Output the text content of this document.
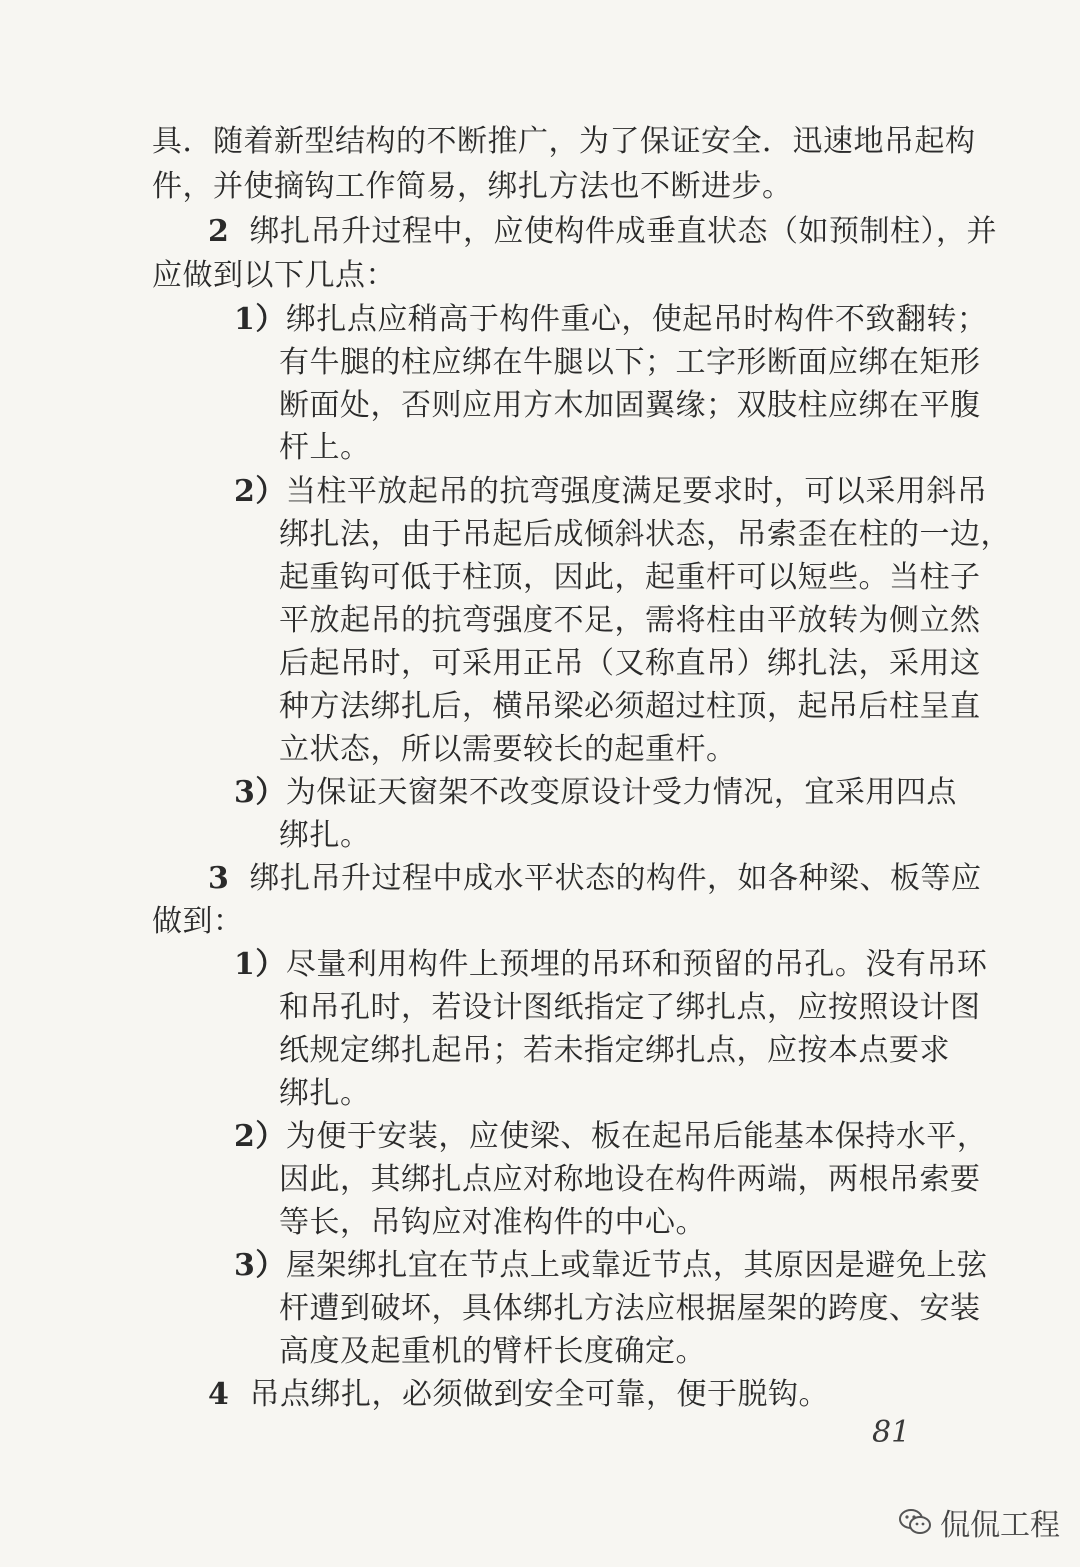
具．随着新型结构的不断推广，为了保证安全．迅速地吊起构
件，并使摘钩工作简易，绑扎方法也不断进步。
2 绑扎吊升过程中，应使构件成垂直状态（如预制柱），并
应做到以下几点：
1）绑扎点应稍高于构件重心，使起吊时构件不致翻转；
有牛腿的柱应绑在牛腿以下；工字形断面应绑在矩形
断面处，否则应用方木加固翼缘；双肢柱应绑在平腹
杆上。
2）当柱平放起吊的抗弯强度满足要求时，可以采用斜吊
绑扎法，由于吊起后成倾斜状态，吊索歪在柱的一边，
起重钩可低于柱顶，因此，起重杆可以短些。当柱子
平放起吊的抗弯强度不足，需将柱由平放转为侧立然
后起吊时，可采用正吊（又称直吊）绑扎法，采用这
种方法绑扎后，横吊梁必须超过柱顶，起吊后柱呈直
立状态，所以需要较长的起重杆。
3）为保证天窗架不改变原设计受力情况，宜采用四点
绑扎。
3 绑扎吊升过程中成水平状态的构件，如各种梁、板等应
做到：
1）尽量利用构件上预埋的吊环和预留的吊孔。没有吊环
和吊孔时，若设计图纸指定了绑扎点，应按照设计图
纸规定绑扎起吊；若未指定绑扎点，应按本点要求
绑扎。
2）为便于安装，应使梁、板在起吊后能基本保持水平，
因此，其绑扎点应对称地设在构件两端，两根吊索要
等长，吊钩应对准构件的中心。
3）屋架绑扎宜在节点上或靠近节点，其原因是避免上弦
杆遭到破坏，具体绑扎方法应根据屋架的跨度、安装
高度及起重机的臂杆长度确定。
4 吊点绑扎，必须做到安全可靠，便于脱钩。
81
侃侃工程
